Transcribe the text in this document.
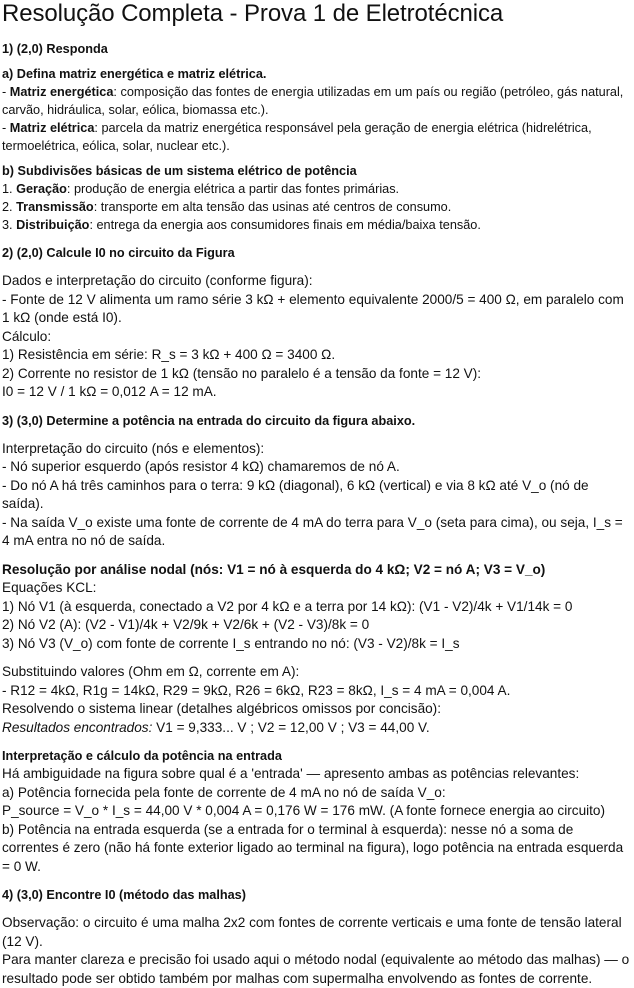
Resolução Completa - Prova 1 de Eletrotécnica

1) (2,0) Responda

a) Defina matriz energética e matriz elétrica.

- Matriz energética: composição das fontes de energia utilizadas em um país ou região (petróleo, gás natural, carvão, hidráulica, solar, eólica, biomassa etc.).

- Matriz elétrica: parcela da matriz energética responsável pela geração de energia elétrica (hidrelétrica, termoelétrica, eólica, solar, nuclear etc.).

b) Subdivisões básicas de um sistema elétrico de potência

1. Geração: produção de energia elétrica a partir das fontes primárias.

2. Transmissão: transporte em alta tensão das usinas até centros de consumo.

3. Distribuição: entrega da energia aos consumidores finais em média/baixa tensão.

2) (2,0) Calcule I0 no circuito da Figura

Dados e interpretação do circuito (conforme figura):

- Fonte de 12 V alimenta um ramo série 3 kΩ + elemento equivalente 2000/5 = 400 Ω, em paralelo com 1 kΩ (onde está I0).

Cálculo:

1) Resistência em série: R_s = 3 kΩ + 400 Ω = 3400 Ω.

2) Corrente no resistor de 1 kΩ (tensão no paralelo é a tensão da fonte = 12 V):

I0 = 12 V / 1 kΩ = 0,012 A = 12 mA.

3) (3,0) Determine a potência na entrada do circuito da figura abaixo.

Interpretação do circuito (nós e elementos):

- Nó superior esquerdo (após resistor 4 kΩ) chamaremos de nó A.

- Do nó A há três caminhos para o terra: 9 kΩ (diagonal), 6 kΩ (vertical) e via 8 kΩ até V_o (nó de saída).

- Na saída V_o existe uma fonte de corrente de 4 mA do terra para V_o (seta para cima), ou seja, I_s = 4 mA entra no nó de saída.

Resolução por análise nodal (nós: V1 = nó à esquerda do 4 kΩ; V2 = nó A; V3 = V_o)

Equações KCL:

1) Nó V1 (à esquerda, conectado a V2 por 4 kΩ e a terra por 14 kΩ): (V1 - V2)/4k + V1/14k = 0

2) Nó V2 (A): (V2 - V1)/4k + V2/9k + V2/6k + (V2 - V3)/8k = 0

3) Nó V3 (V_o) com fonte de corrente I_s entrando no nó: (V3 - V2)/8k = I_s

Substituindo valores (Ohm em Ω, corrente em A):

- R12 = 4kΩ, R1g = 14kΩ, R29 = 9kΩ, R26 = 6kΩ, R23 = 8kΩ, I_s = 4 mA = 0,004 A.

Resolvendo o sistema linear (detalhes algébricos omissos por concisão):

Resultados encontrados: V1 = 9,333... V ; V2 = 12,00 V ; V3 = 44,00 V.

Interpretação e cálculo da potência na entrada

Há ambiguidade na figura sobre qual é a 'entrada' — apresento ambas as potências relevantes:

a) Potência fornecida pela fonte de corrente de 4 mA no nó de saída V_o:

P_source = V_o * I_s = 44,00 V * 0,004 A = 0,176 W = 176 mW. (A fonte fornece energia ao circuito)

b) Potência na entrada esquerda (se a entrada for o terminal à esquerda): nesse nó a soma de correntes é zero (não há fonte exterior ligado ao terminal na figura), logo potência na entrada esquerda = 0 W.

4) (3,0) Encontre I0 (método das malhas)

Observação: o circuito é uma malha 2x2 com fontes de corrente verticais e uma fonte de tensão lateral (12 V).

Para manter clareza e precisão foi usado aqui o método nodal (equivalente ao método das malhas) — o resultado pode ser obtido também por malhas com supermalha envolvendo as fontes de corrente.
